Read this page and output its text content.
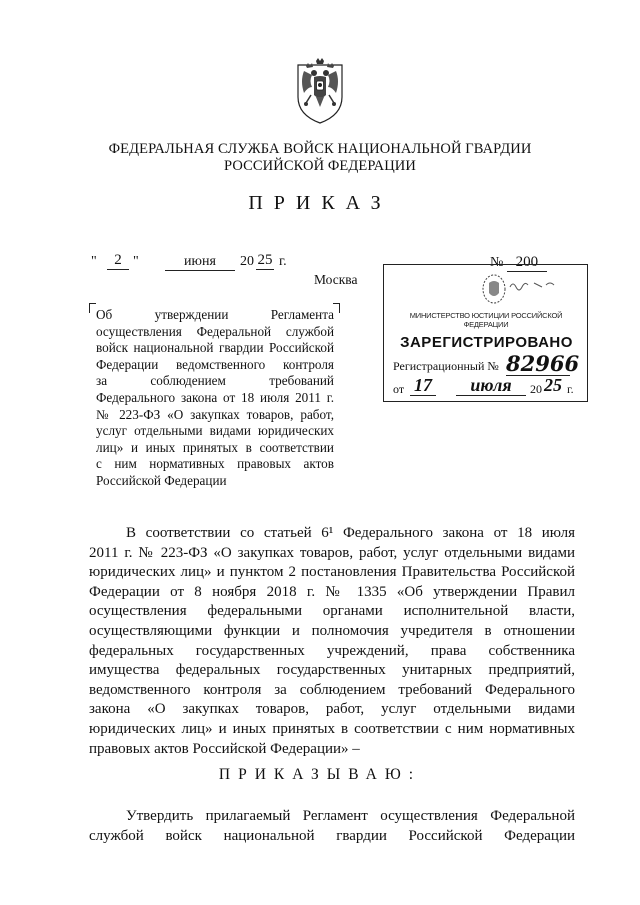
ФЕДЕРАЛЬНАЯ СЛУЖБА ВОЙСК НАЦИОНАЛЬНОЙ ГВАРДИИ
РОССИЙСКОЙ ФЕДЕРАЦИИ
ПРИКАЗ
"	2 "	июня	20 25 г.
Москва
№ 200
Об утверждении Регламента
осуществления Федеральной службой
войск национальной гвардии Российской
Федерации ведомственного контроля
за соблюдением требований
Федерального закона от 18 июля 2011 г.
№ 223-ФЗ «О закупках товаров, работ,
услуг отдельными видами юридических
лиц» и иных принятых в соответствии
с ним нормативных правовых актов
Российской Федерации
МИНИСТЕРСТВО ЮСТИЦИИ РОССИЙСКОЙ ФЕДЕРАЦИИ
ЗАРЕГИСТРИРОВАНО
Регистрационный № 82966
от 17	июля	20 25 г.
В соответствии со статьей 6¹ Федерального закона от 18 июля
2011 г. № 223-ФЗ «О закупках товаров, работ, услуг отдельными видами
юридических лиц» и пунктом 2 постановления Правительства Российской
Федерации от 8 ноября 2018 г. № 1335 «Об утверждении Правил
осуществления федеральными органами исполнительной власти,
осуществляющими функции и полномочия учредителя в отношении
федеральных государственных учреждений, права собственника
имущества федеральных государственных унитарных предприятий,
ведомственного контроля за соблюдением требований Федерального
закона «О закупках товаров, работ, услуг отдельными видами
юридических лиц» и иных принятых в соответствии с ним нормативных
правовых актов Российской Федерации» –
ПРИКАЗЫВАЮ:
Утвердить прилагаемый Регламент осуществления Федеральной
службой войск национальной гвардии Российской Федерации
